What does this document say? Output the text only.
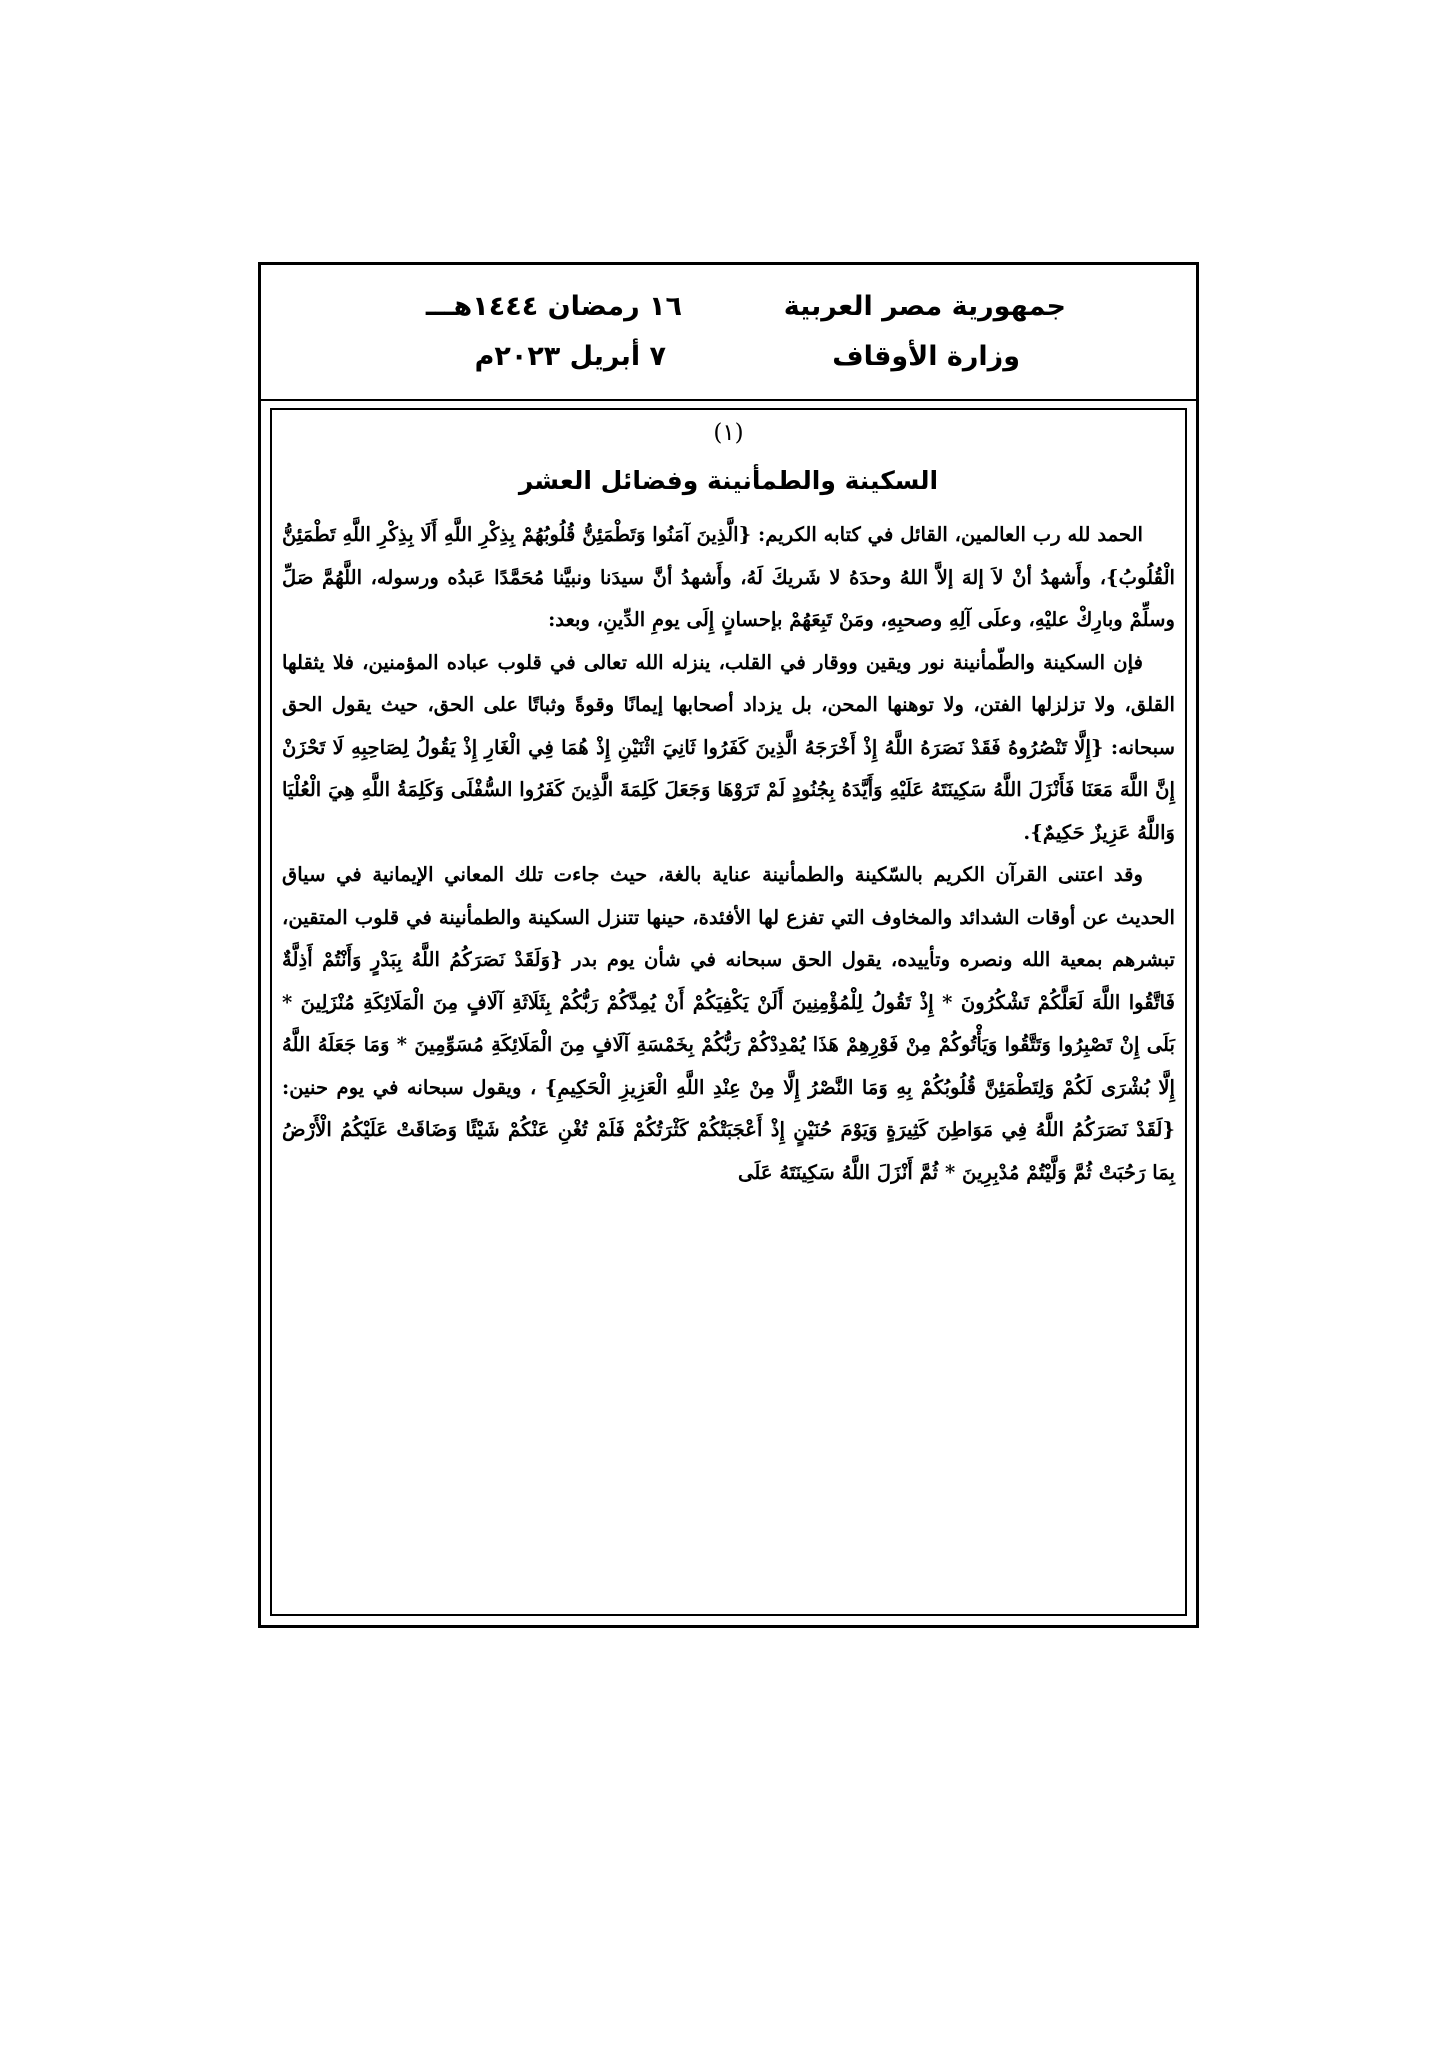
جمهورية مصر العربية
وزارة الأوقاف
١٦ رمضان ١٤٤٤هـــ
٧ أبريل ٢٠٢٣م
(١)
السكينة والطمأنينة وفضائل العشر

الحمد لله رب العالمين، القائل في كتابه الكريم: {الَّذِينَ آمَنُوا وَتَطْمَئِنُّ قُلُوبُهُمْ بِذِكْرِ اللَّهِ أَلَا بِذِكْرِ اللَّهِ تَطْمَئِنُّ الْقُلُوبُ}، وأَشهدُ أنْ لاَ إلهَ إلاَّ اللهُ وحدَهُ لا شَريكَ لَهُ، وأَشهدُ أنَّ سيدَنا ونبيَّنا مُحَمَّدًا عَبدُه ورسوله، اللَّهُمَّ صَلِّ وسلِّمْ وبارِكْ عليْهِ، وعلَى آلِهِ وصحبِهِ، ومَنْ تَبِعَهُمْ بإحسانٍ إِلَى يومِ الدِّينِ، وبعد:

فإن السكينة والطّمأنينة نور ويقين ووقار في القلب، ينزله الله تعالى في قلوب عباده المؤمنين، فلا يثقلها القلق، ولا تزلزلها الفتن، ولا توهنها المحن، بل يزداد أصحابها إيمانًا وقوةً وثباتًا على الحق، حيث يقول الحق سبحانه: {إِلَّا تَنْصُرُوهُ فَقَدْ نَصَرَهُ اللَّهُ إِذْ أَخْرَجَهُ الَّذِينَ كَفَرُوا ثَانِيَ اثْنَيْنِ إِذْ هُمَا فِي الْغَارِ إِذْ يَقُولُ لِصَاحِبِهِ لَا تَحْزَنْ إِنَّ اللَّهَ مَعَنَا فَأَنْزَلَ اللَّهُ سَكِينَتَهُ عَلَيْهِ وَأَيَّدَهُ بِجُنُودٍ لَمْ تَرَوْهَا وَجَعَلَ كَلِمَةَ الَّذِينَ كَفَرُوا السُّفْلَى وَكَلِمَةُ اللَّهِ هِيَ الْعُلْيَا وَاللَّهُ عَزِيزٌ حَكِيمٌ}.

وقد اعتنى القرآن الكريم بالسّكينة والطمأنينة عناية بالغة، حيث جاءت تلك المعاني الإيمانية في سياق الحديث عن أوقات الشدائد والمخاوف التي تفزع لها الأفئدة، حينها تتنزل السكينة والطمأنينة في قلوب المتقين، تبشرهم بمعية الله ونصره وتأييده، يقول الحق سبحانه في شأن يوم بدر {وَلَقَدْ نَصَرَكُمُ اللَّهُ بِبَدْرٍ وَأَنْتُمْ أَذِلَّةٌ فَاتَّقُوا اللَّهَ لَعَلَّكُمْ تَشْكُرُونَ * إِذْ تَقُولُ لِلْمُؤْمِنِينَ أَلَنْ يَكْفِيَكُمْ أَنْ يُمِدَّكُمْ رَبُّكُمْ بِثَلَاثَةِ آلَافٍ مِنَ الْمَلَائِكَةِ مُنْزَلِينَ * بَلَى إِنْ تَصْبِرُوا وَتَتَّقُوا وَيَأْتُوكُمْ مِنْ فَوْرِهِمْ هَذَا يُمْدِدْكُمْ رَبُّكُمْ بِخَمْسَةِ آلَافٍ مِنَ الْمَلَائِكَةِ مُسَوِّمِينَ * وَمَا جَعَلَهُ اللَّهُ إِلَّا بُشْرَى لَكُمْ وَلِتَطْمَئِنَّ قُلُوبُكُمْ بِهِ وَمَا النَّصْرُ إِلَّا مِنْ عِنْدِ اللَّهِ الْعَزِيزِ الْحَكِيمِ} ، ويقول سبحانه في يوم حنين: {لَقَدْ نَصَرَكُمُ اللَّهُ فِي مَوَاطِنَ كَثِيرَةٍ وَيَوْمَ حُنَيْنٍ إِذْ أَعْجَبَتْكُمْ كَثْرَتُكُمْ فَلَمْ تُغْنِ عَنْكُمْ شَيْئًا وَضَاقَتْ عَلَيْكُمُ الْأَرْضُ بِمَا رَحُبَتْ ثُمَّ وَلَّيْتُمْ مُدْبِرِينَ * ثُمَّ أَنْزَلَ اللَّهُ سَكِينَتَهُ عَلَى
